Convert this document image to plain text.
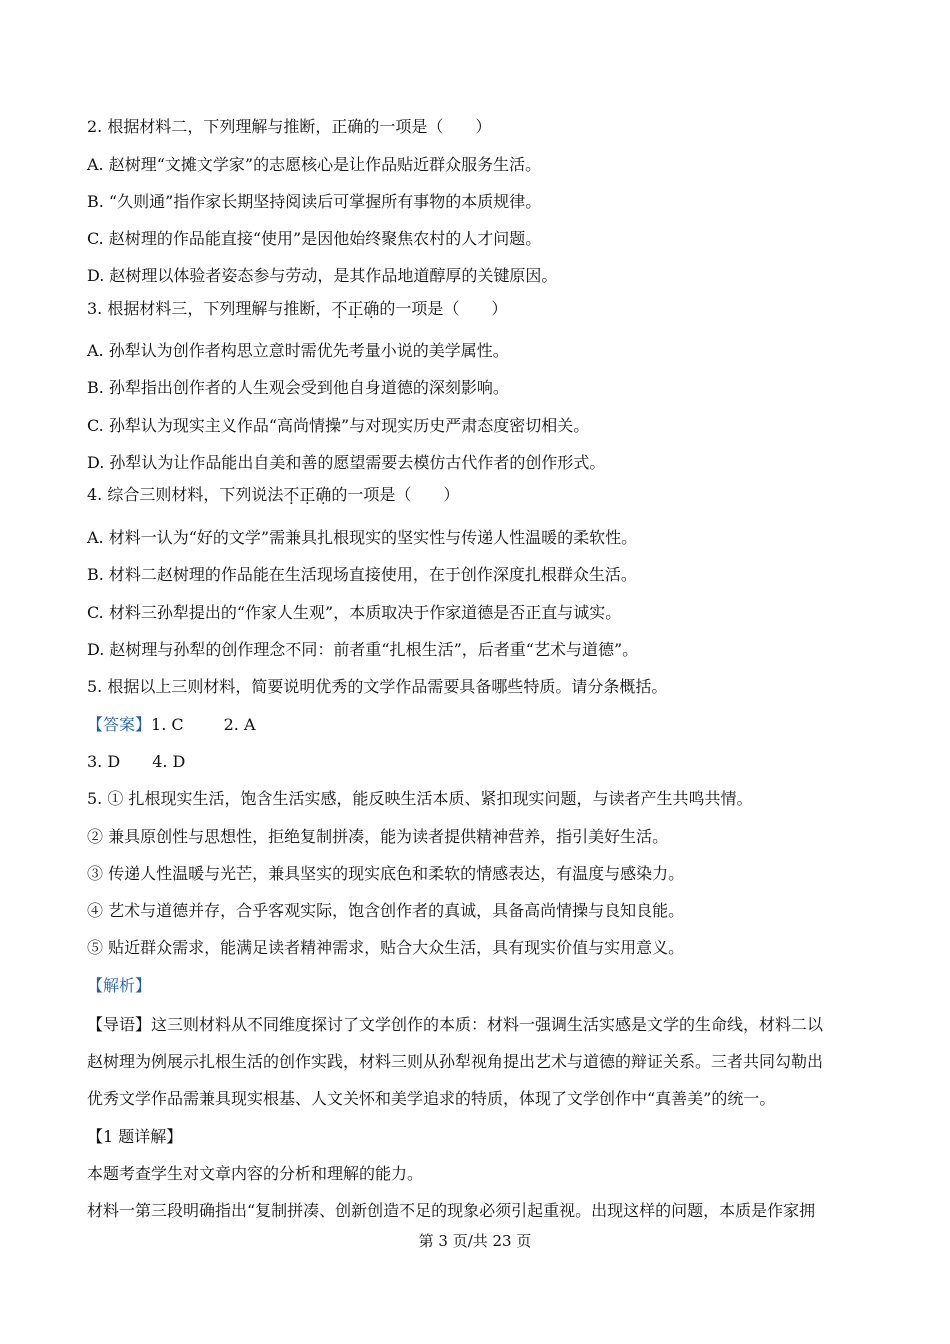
2. 根据材料二，下列理解与推断，正确的一项是（　　）
A. 赵树理“文摊文学家”的志愿核心是让作品贴近群众服务生活。
B. “久则通”指作家长期坚持阅读后可掌握所有事物的本质规律。
C. 赵树理的作品能直接“使用”是因他始终聚焦农村的人才问题。
D. 赵树理以体验者姿态参与劳动，是其作品地道醇厚的关键原因。
3. 根据材料三，下列理解与推断，不正确的一项是（　　）
A. 孙犁认为创作者构思立意时需优先考量小说的美学属性。
B. 孙犁指出创作者的人生观会受到他自身道德的深刻影响。
C. 孙犁认为现实主义作品“高尚情操”与对现实历史严肃态度密切相关。
D. 孙犁认为让作品能出自美和善的愿望需要去模仿古代作者的创作形式。
4. 综合三则材料，下列说法不正确的一项是（　　）
A. 材料一认为“好的文学”需兼具扎根现实的坚实性与传递人性温暖的柔软性。
B. 材料二赵树理的作品能在生活现场直接使用，在于创作深度扎根群众生活。
C. 材料三孙犁提出的“作家人生观”，本质取决于作家道德是否正直与诚实。
D. 赵树理与孙犁的创作理念不同：前者重“扎根生活”，后者重“艺术与道德”。
5. 根据以上三则材料，简要说明优秀的文学作品需要具备哪些特质。请分条概括。
【答案】1. C	2. A
3. D 4. D
5. ① 扎根现实生活，饱含生活实感，能反映生活本质、紧扣现实问题，与读者产生共鸣共情。
② 兼具原创性与思想性，拒绝复制拼凑，能为读者提供精神营养，指引美好生活。
③ 传递人性温暖与光芒，兼具坚实的现实底色和柔软的情感表达，有温度与感染力。
④ 艺术与道德并存，合乎客观实际，饱含创作者的真诚，具备高尚情操与良知良能。
⑤ 贴近群众需求，能满足读者精神需求，贴合大众生活，具有现实价值与实用意义。
【解析】
【导语】这三则材料从不同维度探讨了文学创作的本质：材料一强调生活实感是文学的生命线，材料二以
赵树理为例展示扎根生活的创作实践，材料三则从孙犁视角提出艺术与道德的辩证关系。三者共同勾勒出
优秀文学作品需兼具现实根基、人文关怀和美学追求的特质，体现了文学创作中“真善美”的统一。
【1 题详解】
本题考查学生对文章内容的分析和理解的能力。
材料一第三段明确指出“复制拼凑、创新创造不足的现象必须引起重视。出现这样的问题，本质是作家拥
第 3 页/共 23 页
